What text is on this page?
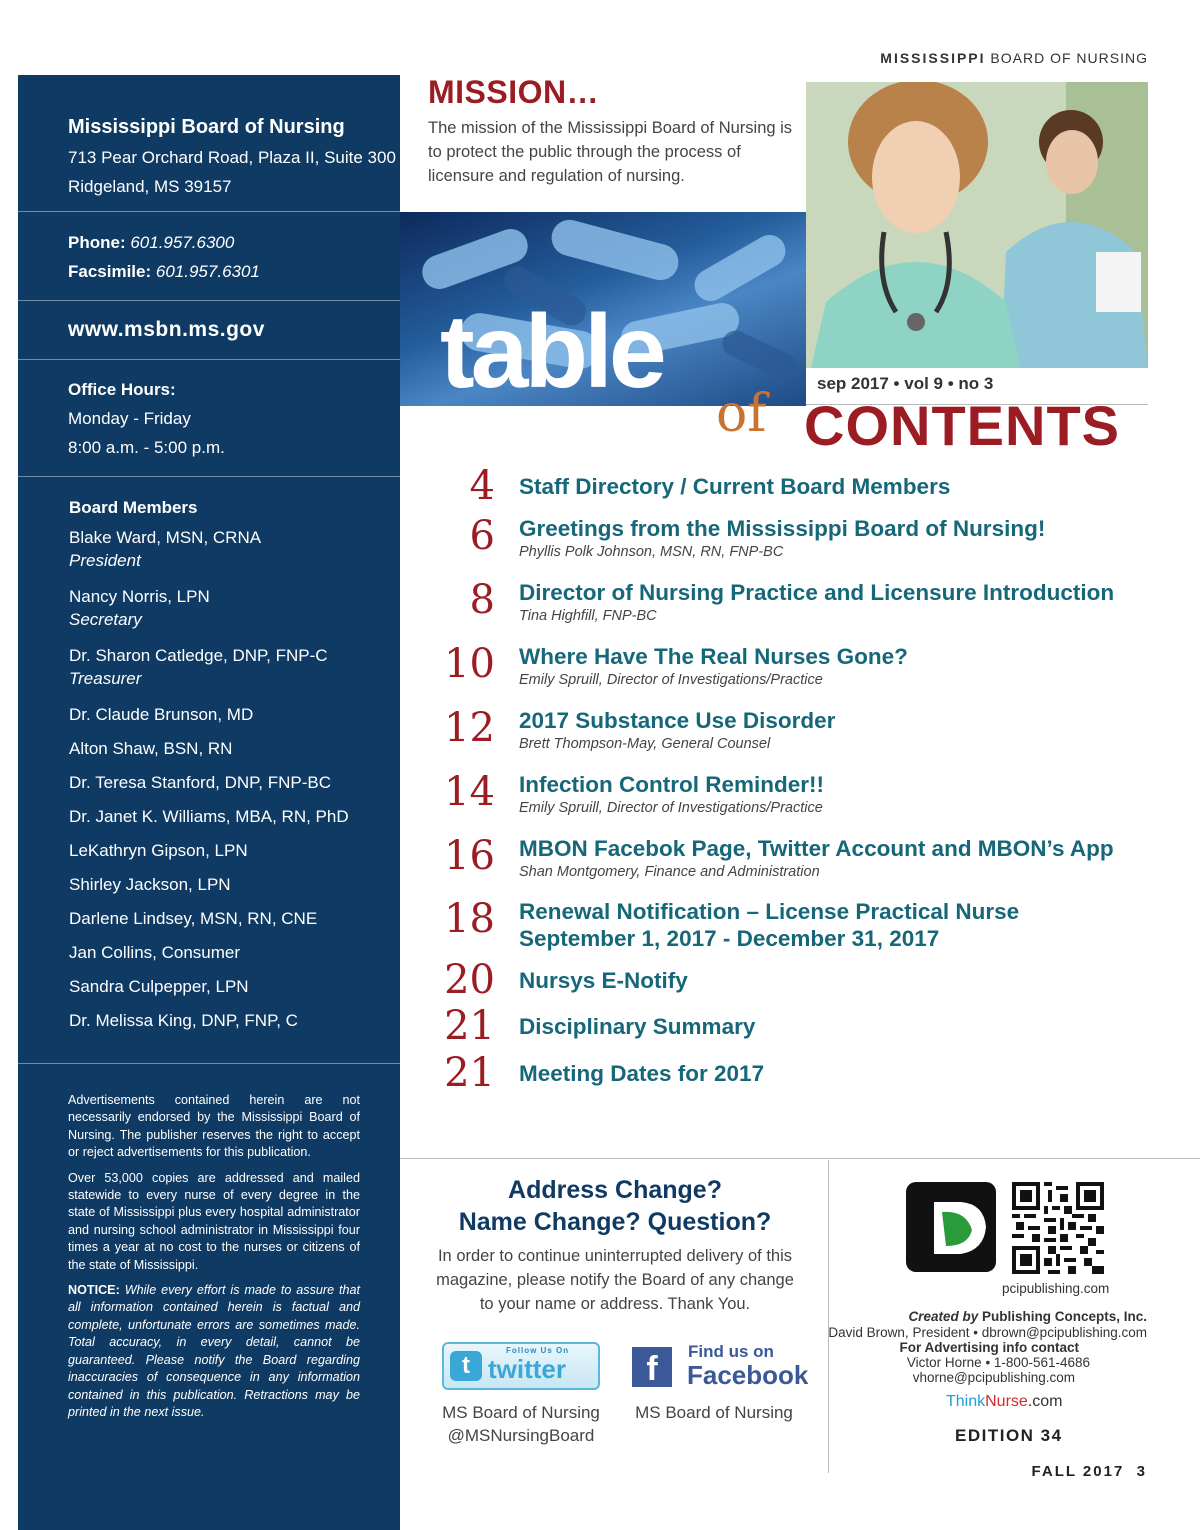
MISSISSIPPI BOARD OF NURSING
Mississippi Board of Nursing
713 Pear Orchard Road, Plaza II, Suite 300
Ridgeland, MS 39157
Phone: 601.957.6300
Facsimile: 601.957.6301
www.msbn.ms.gov
Office Hours:
Monday - Friday
8:00 a.m. - 5:00 p.m.
Board Members
Blake Ward, MSN, CRNA
President
Nancy Norris, LPN
Secretary
Dr. Sharon Catledge, DNP, FNP-C
Treasurer
Dr. Claude Brunson, MD
Alton Shaw, BSN, RN
Dr. Teresa Stanford, DNP, FNP-BC
Dr. Janet K. Williams, MBA, RN, PhD
LeKathryn Gipson, LPN
Shirley Jackson, LPN
Darlene Lindsey, MSN, RN, CNE
Jan Collins, Consumer
Sandra Culpepper, LPN
Dr. Melissa King, DNP, FNP, C

Advertisements contained herein are not necessarily endorsed by the Mississippi Board of Nursing. The publisher reserves the right to accept or reject advertisements for this publication.

Over 53,000 copies are addressed and mailed statewide to every nurse of every degree in the state of Mississippi plus every hospital administrator and nursing school administrator in Mississippi four times a year at no cost to the nurses or citizens of the state of Mississippi.

NOTICE: While every effort is made to assure that all information contained herein is factual and complete, unfortunate errors are sometimes made. Total accuracy, in every detail, cannot be guaranteed. Please notify the Board regarding inaccuracies of consequence in any information contained in this publication. Retractions may be printed in the next issue.

MISSION…
The mission of the Mississippi Board of Nursing is to protect the public through the process of licensure and regulation of nursing.
table	sep 2017 • vol 9 • no 3
of CONTENTS
4 Staff Directory / Current Board Members
6 Greetings from the Mississippi Board of Nursing!
Phyllis Polk Johnson, MSN, RN, FNP-BC
8 Director of Nursing Practice and Licensure Introduction
Tina Highfill, FNP-BC
10 Where Have The Real Nurses Gone?
Emily Spruill, Director of Investigations/Practice
12 2017 Substance Use Disorder
Brett Thompson-May, General Counsel
14 Infection Control Reminder!!
Emily Spruill, Director of Investigations/Practice
16 MBON Facebok Page, Twitter Account and MBON’s App
Shan Montgomery, Finance and Administration
18 Renewal Notification – License Practical Nurse
September 1, 2017 - December 31, 2017
20 Nursys E-Notify
21 Disciplinary Summary
21 Meeting Dates for 2017
Address Change?
Name Change? Question?
In order to continue uninterrupted delivery of this magazine, please notify the Board of any change to your name or address. Thank You.
t
Follow Us On
twitter
MS Board of Nursing
@MSNursingBoard
f	Find us on
Facebook
MS Board of Nursing
pcipublishing.com
Created by Publishing Concepts, Inc.
David Brown, President • dbrown@pcipublishing.com
For Advertising info contact
Victor Horne • 1-800-561-4686
vhorne@pcipublishing.com
ThinkNurse.com
EDITION 34
FALL 2017 3
